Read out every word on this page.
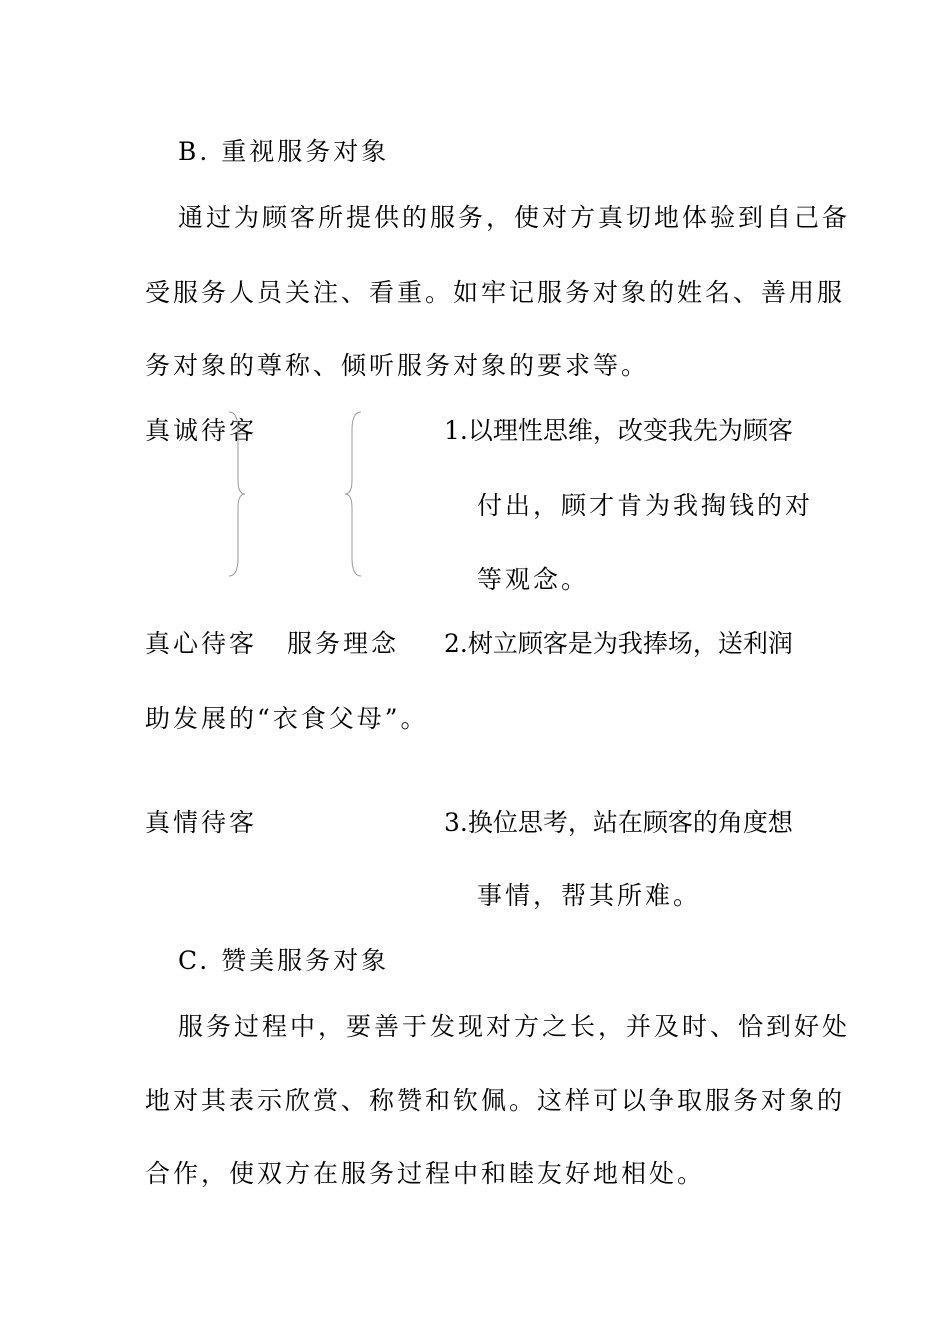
B. 重视服务对象
通过为顾客所提供的服务，使对方真切地体验到自己备
受服务人员关注、看重。如牢记服务对象的姓名、善用服
务对象的尊称、倾听服务对象的要求等。
真诚待客
真心待客
真情待客
服务理念
1.以理性思维，改变我先为顾客
付出，顾才肯为我掏钱的对
等观念。
2.树立顾客是为我捧场，送利润
助发展的“衣食父母”。
3.换位思考，站在顾客的角度想
事情，帮其所难。
C. 赞美服务对象
服务过程中，要善于发现对方之长，并及时、恰到好处
地对其表示欣赏、称赞和钦佩。这样可以争取服务对象的
合作，使双方在服务过程中和睦友好地相处。
